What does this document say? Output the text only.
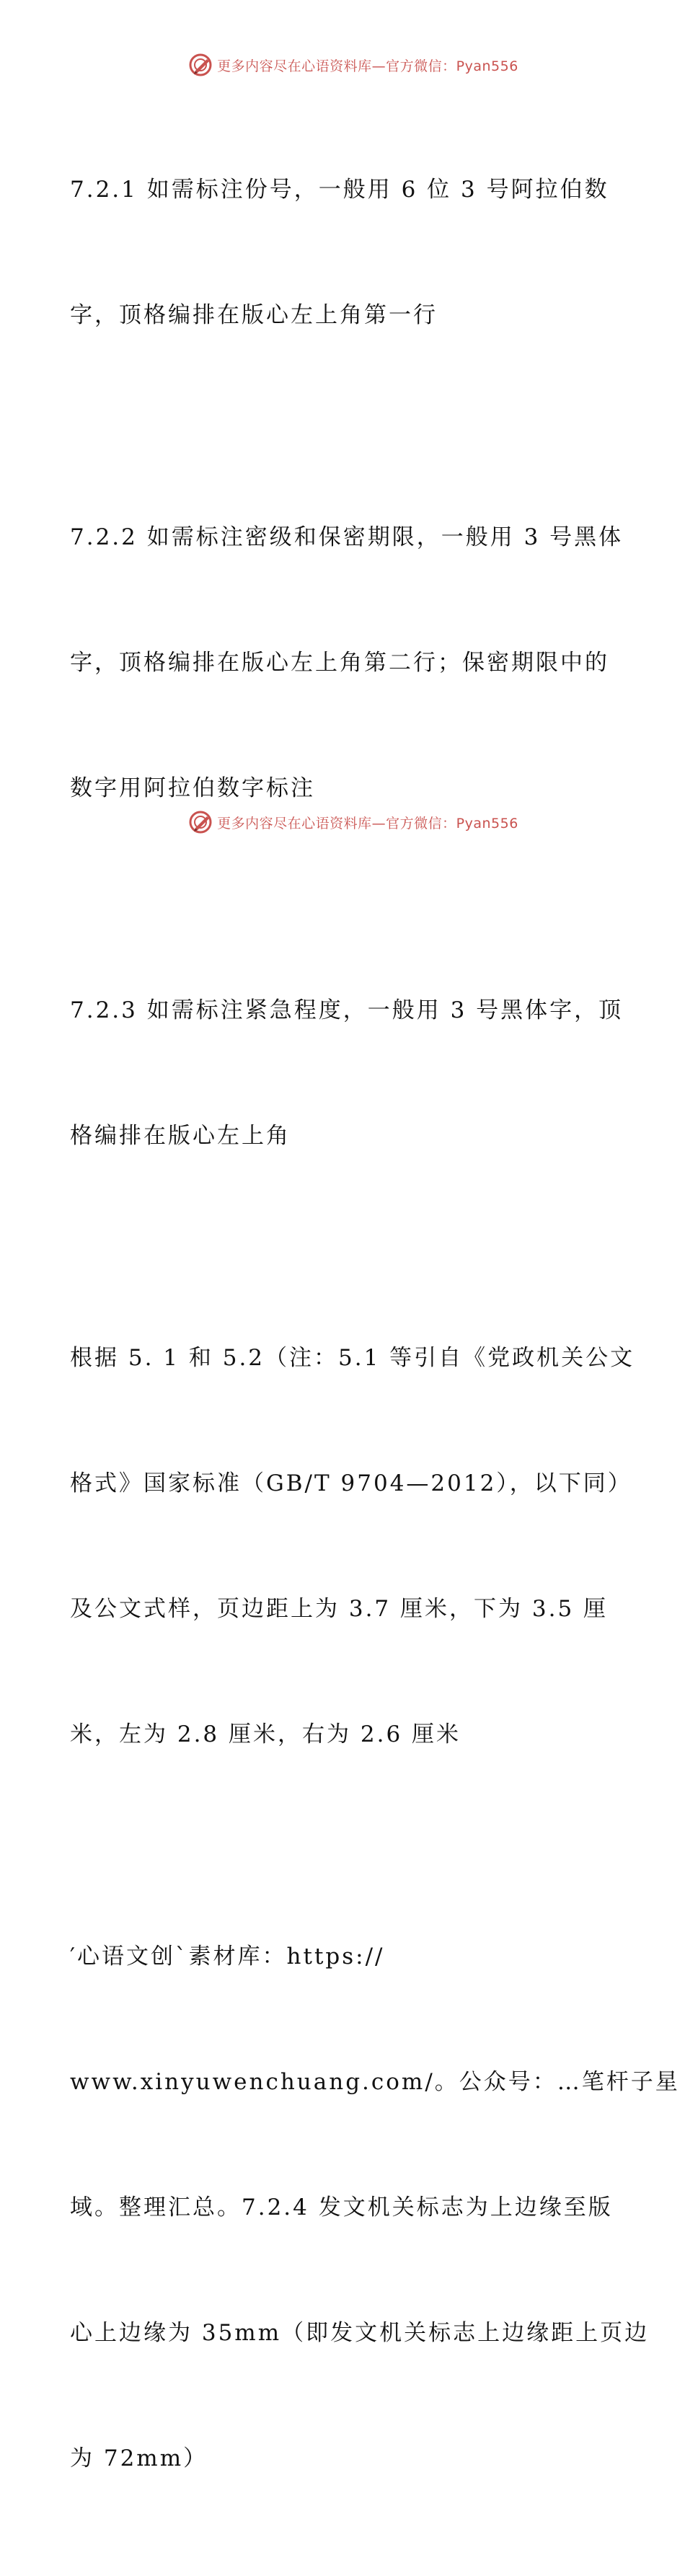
更多内容尽在心语资料库—官方微信：Pyan556

7.2.1 如需标注份号，一般用 6 位 3 号阿拉伯数

字，顶格编排在版心左上角第一行

7.2.2 如需标注密级和保密期限，一般用 3 号黑体

字，顶格编排在版心左上角第二行；保密期限中的

数字用阿拉伯数字标注

7.2.3 如需标注紧急程度，一般用 3 号黑体字，顶

格编排在版心左上角

根据 5. 1 和 5.2（注：5.1 等引自《党政机关公文

格式》国家标准（GB/T 9704—2012），以下同）

及公文式样，页边距上为 3.7 厘米，下为 3.5 厘

米，左为 2.8 厘米，右为 2.6 厘米

′心语文创`素材库：https://

www.xinyuwenchuang.com/。公众号：…笔杆子星

域。整理汇总。7.2.4 发文机关标志为上边缘至版

心上边缘为 35mm（即发文机关标志上边缘距上页边

为 72mm）

更多内容尽在心语资料库—官方微信：Pyan556
